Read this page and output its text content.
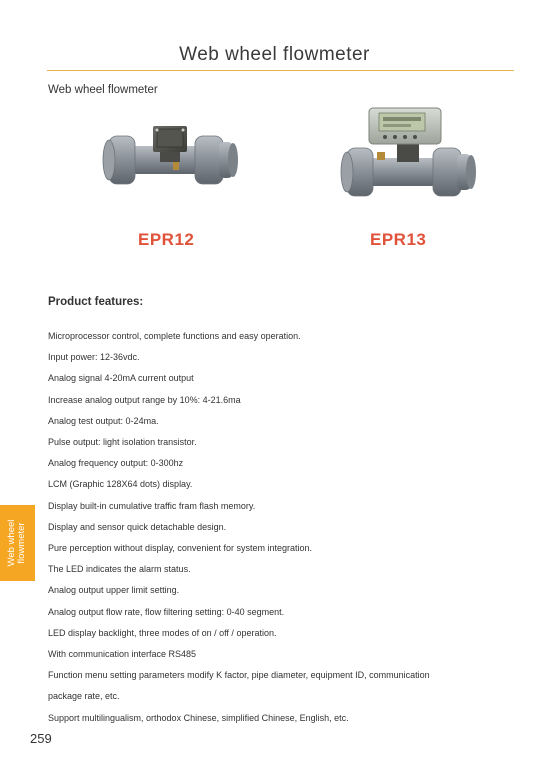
Web wheel flowmeter
Web wheel flowmeter
EPR12	EPR13
Product features:
Microprocessor control, complete functions and easy operation.
Input power: 12-36vdc.
Analog signal 4-20mA current output
Increase analog output range by 10%: 4-21.6ma
Analog test output: 0-24ma.
Pulse output: light isolation transistor.
Analog frequency output: 0-300hz
LCM (Graphic 128X64 dots) display.
Display built-in cumulative traffic fram flash memory.
Display and sensor quick detachable design.
Pure perception without display, convenient for system integration.
The LED indicates the alarm status.
Analog output upper limit setting.
Analog output flow rate, flow filtering setting: 0-40 segment.
LED display backlight, three modes of on / off / operation.
With communication interface RS485
Function menu setting parameters modify K factor, pipe diameter, equipment ID, communication
package rate, etc.
Support multilingualism, orthodox Chinese, simplified Chinese, English, etc.
Web wheel flowmeter
259
